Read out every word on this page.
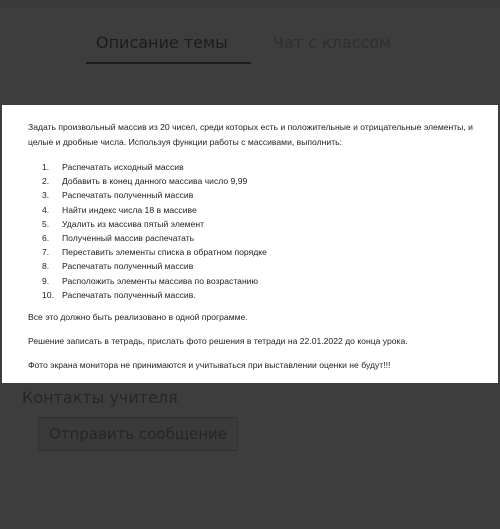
Описание темы	Чат с классом
Контакты учителя
Отправить сообщение

Задать произвольный массив из 20 чисел, среди которых есть и положительные и отрицательные элементы, и целые и дробные числа. Используя функции работы с массивами, выполнить:

1. Распечатать исходный массив
2. Добавить в конец данного массива число 9,99
3. Распечатать полученный массив
4. Найти индекс числа 18 в массиве
5. Удалить из массива пятый элемент
6. Полученный массив распечатать
7. Переставить элементы списка в обратном порядке
8. Распечатать полученный массив
9. Расположить элементы массива по возрастанию
10. Распечатать полученный массив.

Все это должно быть реализовано в одной программе.

Решение записать в тетрадь, прислать фото решения в тетради на 22.01.2022 до конца урока.

Фото экрана монитора не принимаются и учитываться при выставлении оценки не будут!!!
